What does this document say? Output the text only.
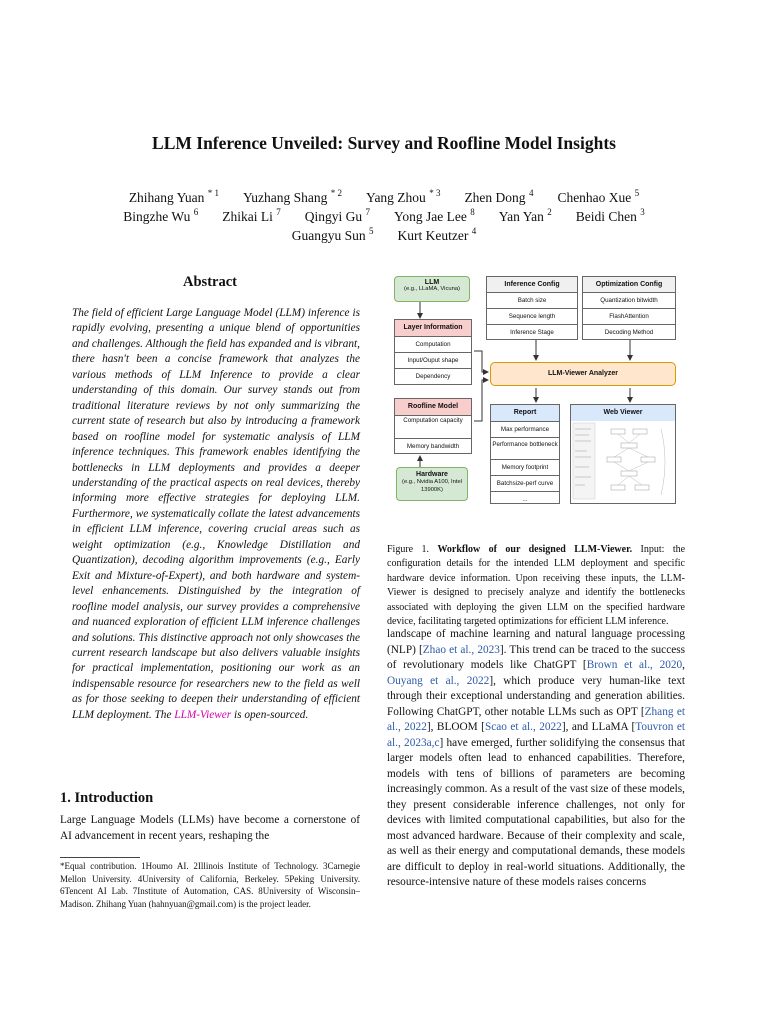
LLM Inference Unveiled: Survey and Roofline Model Insights
Zhihang Yuan $^{* 1}$ Yuzhang Shang $^{* 2}$ Yang Zhou $^{* 3}$ Zhen Dong $^4$ Chenhao Xue $^5$
Bingzhe Wu $^6$ Zhikai Li $^7$ Qingyi Gu $^7$ Yong Jae Lee $^8$ Yan Yan $^2$ Beidi Chen $^3$
Guangyu Sun $^5$ Kurt Keutzer $^4$
Abstract
The field of efficient Large Language Model (LLM) inference is rapidly evolving, presenting a unique blend of opportunities and challenges. Although the field has expanded and is vibrant, there hasn't been a concise framework that analyzes the various methods of LLM Inference to provide a clear understanding of this domain. Our survey stands out from traditional literature reviews by not only summarizing the current state of research but also by introducing a framework based on roofline model for systematic analysis of LLM inference techniques. This framework enables identifying the bottlenecks in LLM deployments and provides a deeper understanding of the practical aspects on real devices, thereby informing more effective strategies for deploying LLM. Furthermore, we systematically collate the latest advancements in efficient LLM inference, covering crucial areas such as weight optimization (e.g., Knowledge Distillation and Quantization), decoding algorithm improvements (e.g., Early Exit and Mixture-of-Expert), and both hardware and system-level enhancements. Distinguished by the integration of roofline model analysis, our survey provides a comprehensive and nuanced exploration of efficient LLM inference challenges and solutions. This distinctive approach not only showcases the current research landscape but also delivers valuable insights for practical implementation, positioning our work as an indispensable resource for researchers new to the field as well as for those seeking to deepen their understanding of efficient LLM deployment. The LLM-Viewer is open-sourced.
1. Introduction
Large Language Models (LLMs) have become a cornerstone of AI advancement in recent years, reshaping the
*Equal contribution. 1Houmo AI. 2Illinois Institute of Technology. 3Carnegie Mellon University. 4University of California, Berkeley. 5Peking University. 6Tencent AI Lab. 7Institute of Automation, CAS. 8University of Wisconsin–Madison. Zhihang Yuan (hahnyuan@gmail.com) is the project leader.
LLM
(e.g., LLaMA, Vicuna)
Inference Config
Batch size
Sequence length
Inference Stage
Optimization Config
Quantization bitwidth
FlashAttention
Decoding Method
Layer Information
Computation
Input/Ouput shape
Dependency	LLM-Viewer Analyzer
Roofline Model
Computation capacity
Memory bandwidth
Report
Max performance
Performance bottleneck
Memory footprint
Batchsize-perf curve
...
Web Viewer
Hardware
(e.g., Nvidia A100, Intel 13900K)
Figure 1. Workflow of our designed LLM-Viewer. Input: the configuration details for the intended LLM deployment and specific hardware device information. Upon receiving these inputs, the LLM-Viewer is designed to precisely analyze and identify the bottlenecks associated with deploying the given LLM on the specified hardware device, facilitating targeted optimizations for efficient LLM inference.
landscape of machine learning and natural language processing (NLP) [Zhao et al., 2023]. This trend can be traced to the success of revolutionary models like ChatGPT [Brown et al., 2020, Ouyang et al., 2022], which produce very human-like text through their exceptional understanding and generation abilities. Following ChatGPT, other notable LLMs such as OPT [Zhang et al., 2022], BLOOM [Scao et al., 2022], and LLaMA [Touvron et al., 2023a,c] have emerged, further solidifying the consensus that larger models often lead to enhanced capabilities. Therefore, models with tens of billions of parameters are becoming increasingly common. As a result of the vast size of these models, they present considerable inference challenges, not only for devices with limited computational capabilities, but also for the most advanced hardware. Because of their complexity and scale, as well as their energy and computational demands, these models are difficult to deploy in real-world situations. Additionally, the resource-intensive nature of these models raises concerns
